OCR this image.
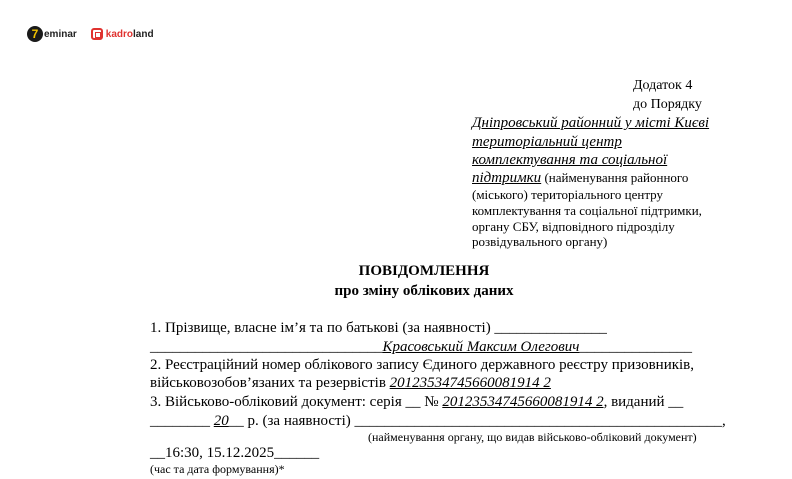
7 eminar	kadroland
Додаток 4
до Порядку
Дніпровський районний у місті Києві
територіальний центр
комплектування та соціальної
підтримки (найменування районного
(міського) територіального центру
комплектування та соціальної підтримки,
органу СБУ, відповідного підрозділу
розвідувального органу)
ПОВІДОМЛЕННЯ
про зміну облікових даних
1. Прізвище, власне ім’я та по батькові (за наявності) _______________
_______________________________Красовський Максим Олегович_______________
2. Реєстраційний номер облікового запису Єдиного державного реєстру призовників,
військовозобов’язаних та резервістів 20123534745660081914 2
3. Військово-обліковий документ: серія __ № 20123534745660081914 2, виданий __
________ 20__ р. (за наявності) _________________________________________________,
(найменування органу, що видав військово-обліковий документ)
__16:30, 15.12.2025______
(час та дата формування)*
